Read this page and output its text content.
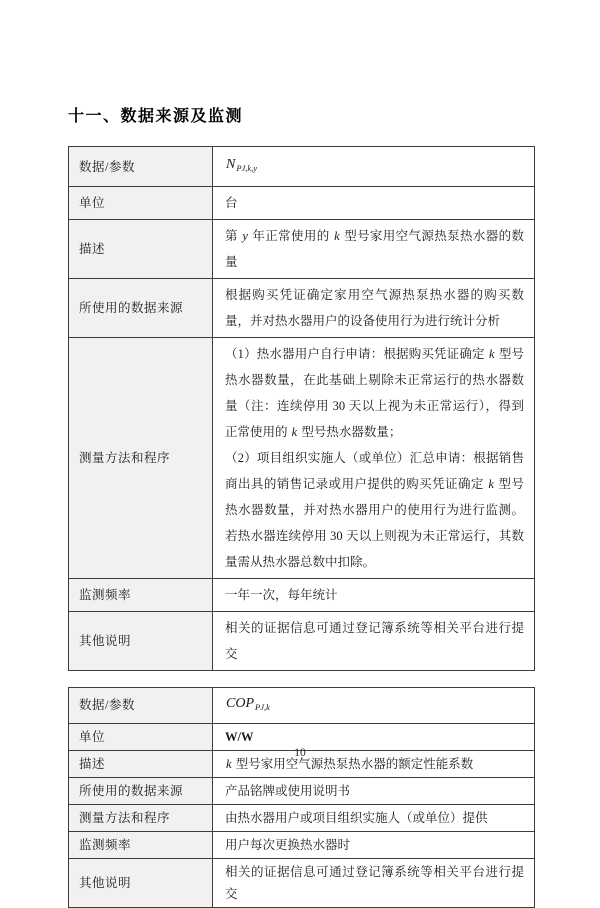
十一、数据来源及监测
数据/参数	$N_{PJ,k,y}$

单位	台

描述	第 y 年正常使用的 k 型号家用空气源热泵热水器的数量

所使用的数据来源	根据购买凭证确定家用空气源热泵热水器的购买数量，并对热水器用户的设备使用行为进行统计分析

测量方法和程序	（1）热水器用户自行申请：根据购买凭证确定 k 型号热水器数量，在此基础上剔除未正常运行的热水器数量（注：连续停用 30 天以上视为未正常运行），得到正常使用的 k 型号热水器数量；
（2）项目组织实施人（或单位）汇总申请：根据销售商出具的销售记录或用户提供的购买凭证确定 k 型号热水器数量，并对热水器用户的使用行为进行监测。若热水器连续停用 30 天以上则视为未正常运行，其数量需从热水器总数中扣除。

监测频率	一年一次，每年统计

其他说明	相关的证据信息可通过登记簿系统等相关平台进行提交
数据/参数	$COP_{PJ,k}$

单位	W/W

描述	k 型号家用空气源热泵热水器的额定性能系数

所使用的数据来源	产品铭牌或使用说明书

测量方法和程序	由热水器用户或项目组织实施人（或单位）提供

监测频率	用户每次更换热水器时

其他说明	相关的证据信息可通过登记簿系统等相关平台进行提交
10
